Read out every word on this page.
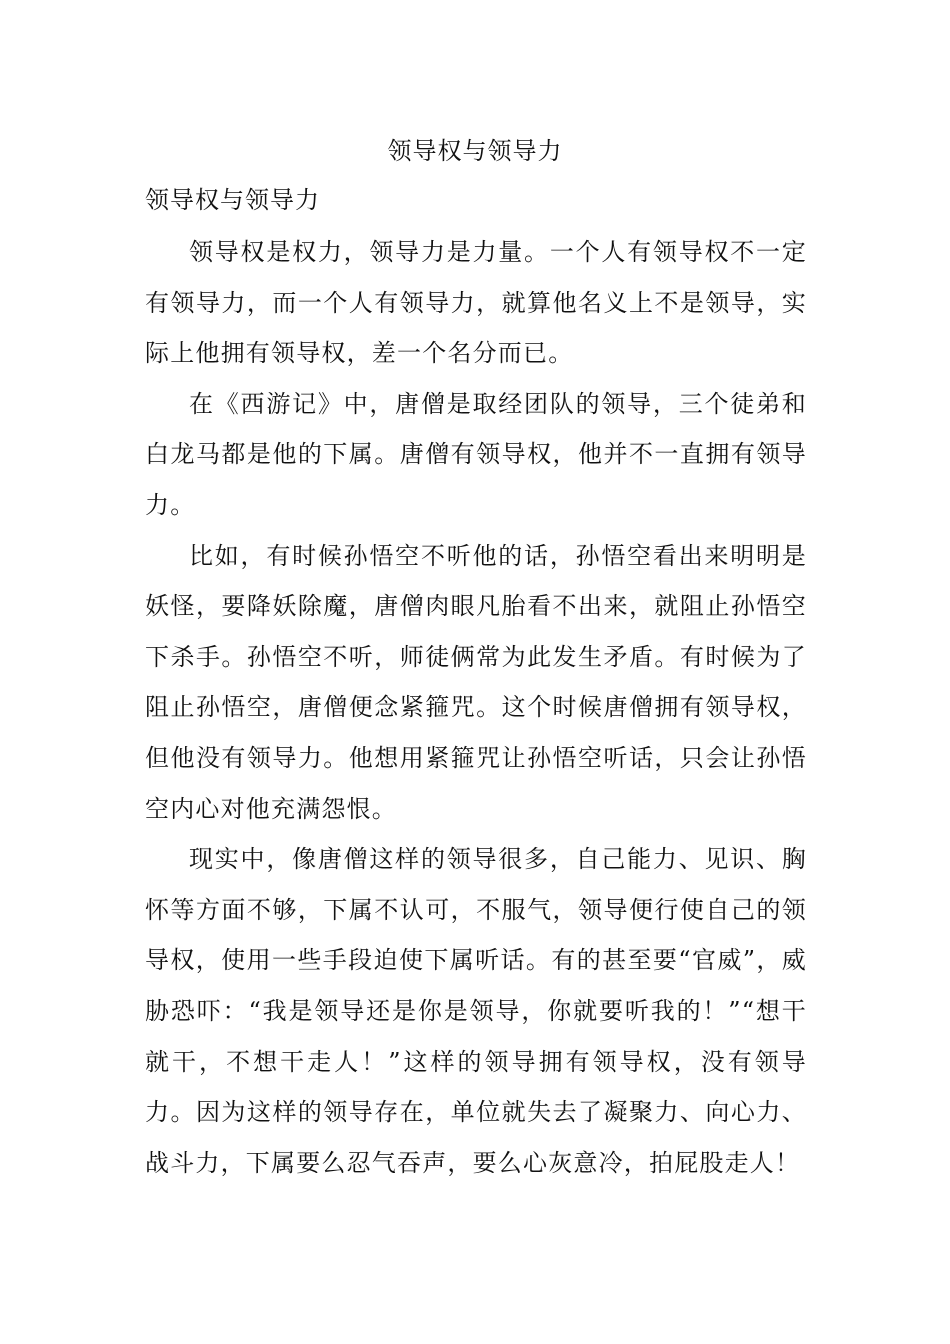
领导权与领导力
领导权与领导力

领导权是权力，领导力是力量。一个人有领导权不一定有领导力，而一个人有领导力，就算他名义上不是领导，实际上他拥有领导权，差一个名分而已。

在《西游记》中，唐僧是取经团队的领导，三个徒弟和白龙马都是他的下属。唐僧有领导权，他并不一直拥有领导力。

比如，有时候孙悟空不听他的话，孙悟空看出来明明是妖怪，要降妖除魔，唐僧肉眼凡胎看不出来，就阻止孙悟空下杀手。孙悟空不听，师徒俩常为此发生矛盾。有时候为了阻止孙悟空，唐僧便念紧箍咒。这个时候唐僧拥有领导权，但他没有领导力。他想用紧箍咒让孙悟空听话，只会让孙悟空内心对他充满怨恨。

现实中，像唐僧这样的领导很多，自己能力、见识、胸怀等方面不够，下属不认可，不服气，领导便行使自己的领导权，使用一些手段迫使下属听话。有的甚至要“官威”，威胁恐吓：“我是领导还是你是领导，你就要听我的！”“想干就干，不想干走人！”这样的领导拥有领导权，没有领导力。因为这样的领导存在，单位就失去了凝聚力、向心力、战斗力，下属要么忍气吞声，要么心灰意冷，拍屁股走人！
